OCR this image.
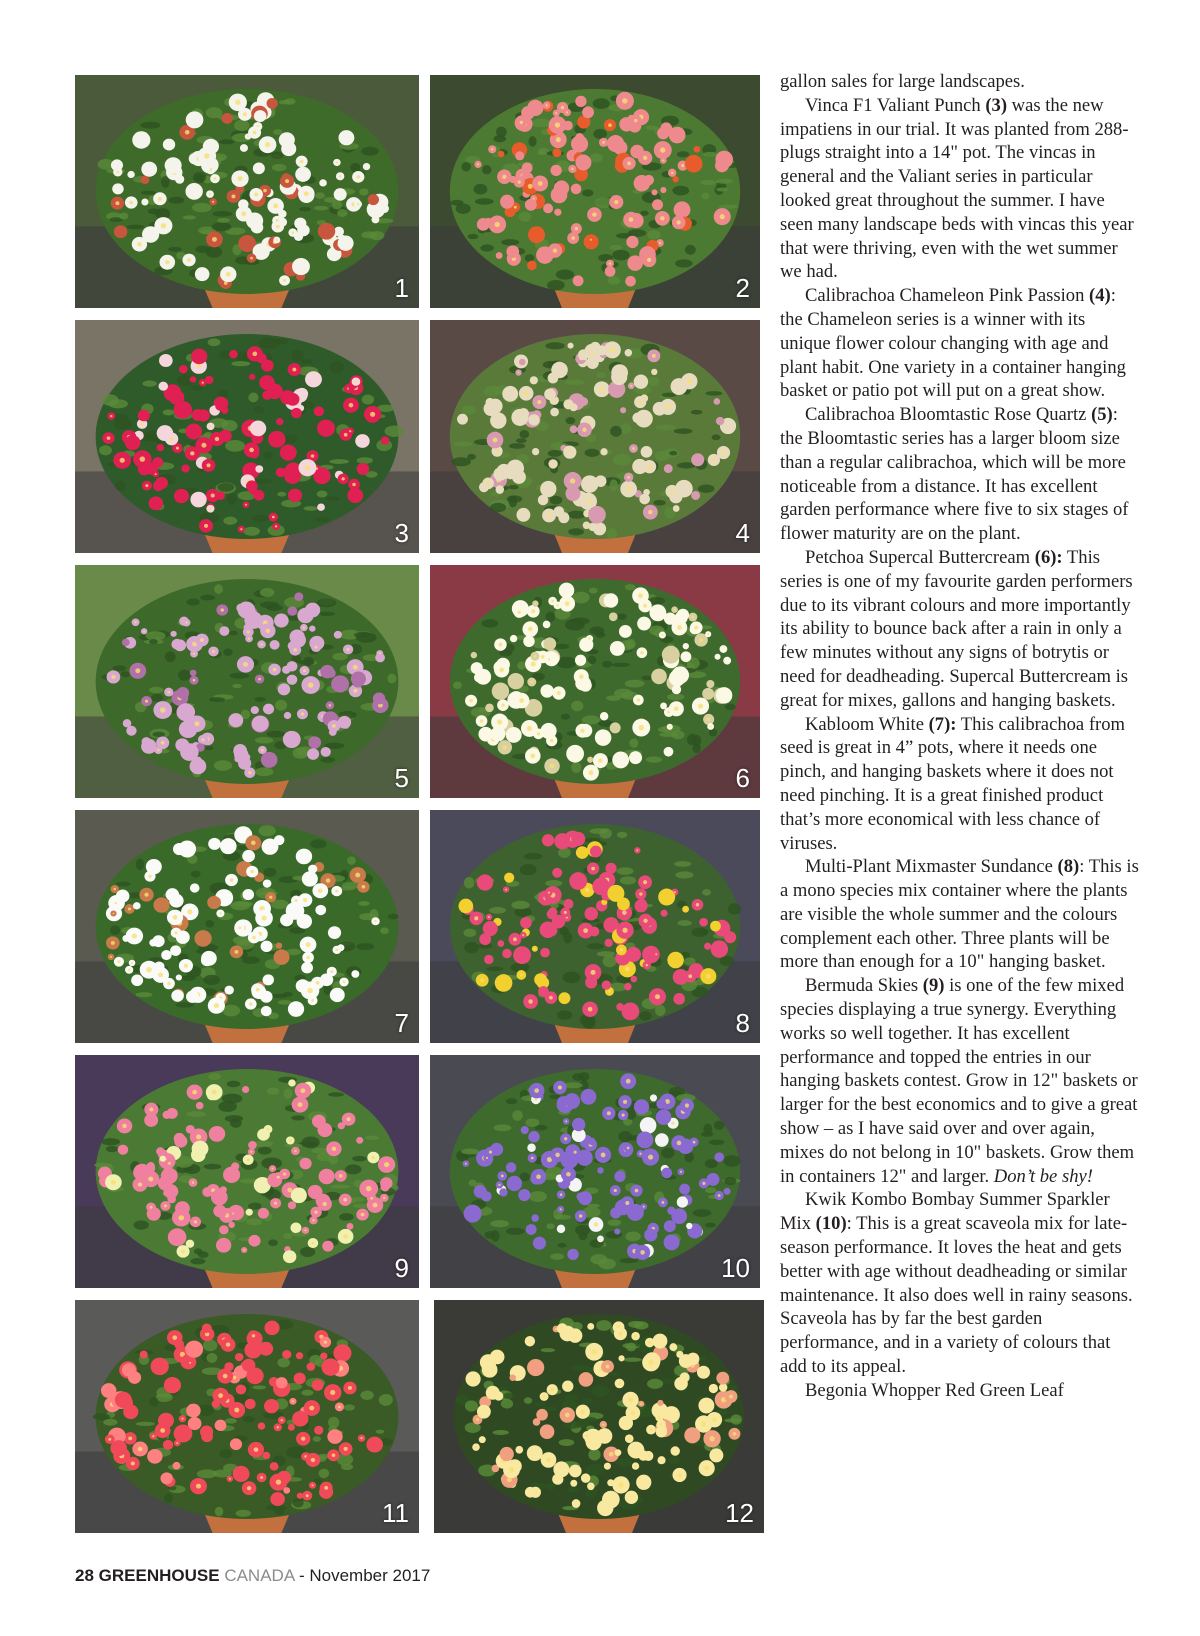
1	2
3	4
5	6
7	8
9	10
11	12

gallon sales for large landscapes.

Vinca F1 Valiant Punch (3) was the new impatiens in our trial. It was planted from 288-plugs straight into a 14" pot. The vincas in general and the Valiant series in particular looked great throughout the summer. I have seen many landscape beds with vincas this year that were thriving, even with the wet summer we had.

Calibrachoa Chameleon Pink Passion (4): the Chameleon series is a winner with its unique flower colour changing with age and plant habit. One variety in a container hanging basket or patio pot will put on a great show.

Calibrachoa Bloomtastic Rose Quartz (5): the Bloomtastic series has a larger bloom size than a regular calibrachoa, which will be more noticeable from a distance. It has excellent garden performance where five to six stages of flower maturity are on the plant.

Petchoa Supercal Buttercream (6): This series is one of my favourite garden performers due to its vibrant colours and more importantly its ability to bounce back after a rain in only a few minutes without any signs of botrytis or need for deadheading. Supercal Buttercream is great for mixes, gallons and hanging baskets.

Kabloom White (7): This calibrachoa from seed is great in 4” pots, where it needs one pinch, and hanging baskets where it does not need pinching. It is a great finished product that’s more economical with less chance of viruses.

Multi-Plant Mixmaster Sundance (8): This is a mono species mix container where the plants are visible the whole summer and the colours complement each other. Three plants will be more than enough for a 10" hanging basket.

Bermuda Skies (9) is one of the few mixed species displaying a true synergy. Everything works so well together. It has excellent performance and topped the entries in our hanging baskets contest. Grow in 12" baskets or larger for the best economics and to give a great show – as I have said over and over again, mixes do not belong in 10" baskets. Grow them in containers 12" and larger. Don’t be shy!

Kwik Kombo Bombay Summer Sparkler Mix (10): This is a great scaveola mix for late-season performance. It loves the heat and gets better with age without deadheading or similar maintenance. It also does well in rainy seasons. Scaveola has by far the best garden performance, and in a variety of colours that add to its appeal.

Begonia Whopper Red Green Leaf

28 GREENHOUSE CANADA - November 2017
